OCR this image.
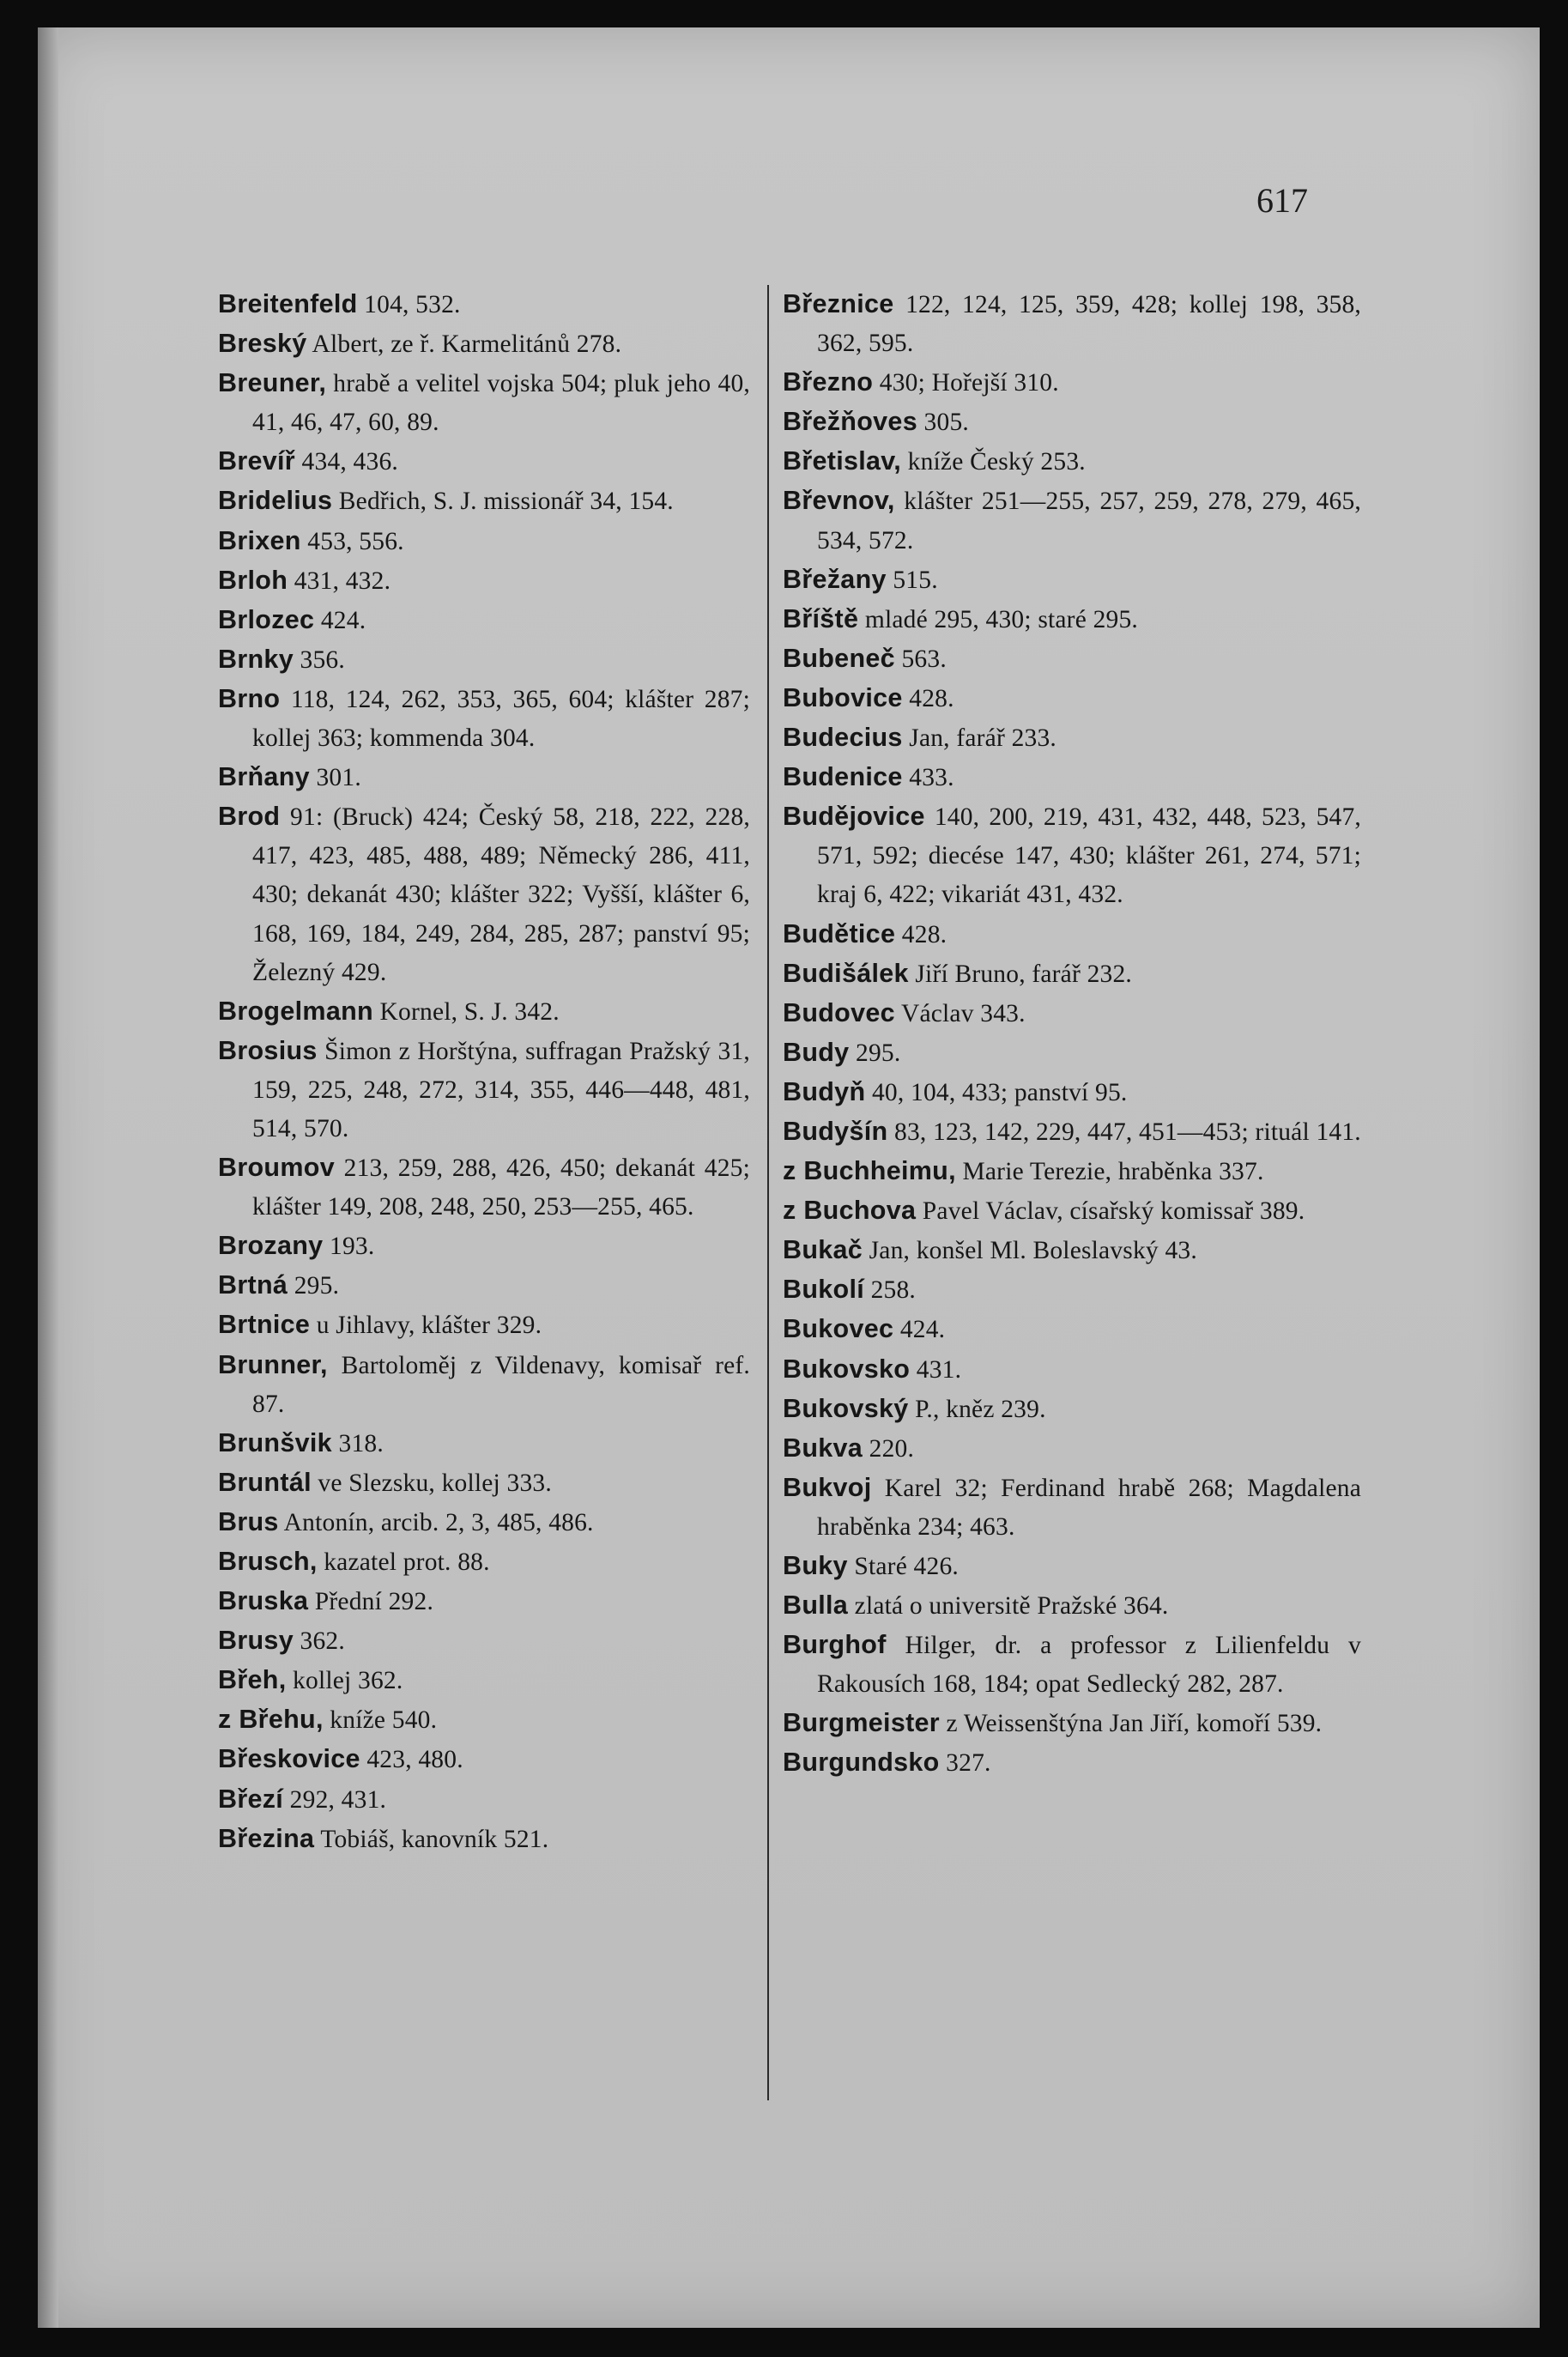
617

Breitenfeld 104, 532.

Breský Albert, ze ř. Karmelitánů 278.

Breuner, hrabě a velitel vojska 504; pluk jeho 40, 41, 46, 47, 60, 89.

Brevíř 434, 436.

Bridelius Bedřich, S. J. missionář 34, 154.

Brixen 453, 556.

Brloh 431, 432.

Brlozec 424.

Brnky 356.

Brno 118, 124, 262, 353, 365, 604; klášter 287; kollej 363; kommenda 304.

Brňany 301.

Brod 91: (Bruck) 424; Český 58, 218, 222, 228, 417, 423, 485, 488, 489; Německý 286, 411, 430; dekanát 430; klášter 322; Vyšší, klášter 6, 168, 169, 184, 249, 284, 285, 287; panství 95; Železný 429.

Brogelmann Kornel, S. J. 342.

Brosius Šimon z Horštýna, suffragan Pražský 31, 159, 225, 248, 272, 314, 355, 446—448, 481, 514, 570.

Broumov 213, 259, 288, 426, 450; dekanát 425; klášter 149, 208, 248, 250, 253—255, 465.

Brozany 193.

Brtná 295.

Brtnice u Jihlavy, klášter 329.

Brunner, Bartoloměj z Vildenavy, komisař ref. 87.

Brunšvik 318.

Bruntál ve Slezsku, kollej 333.

Brus Antonín, arcib. 2, 3, 485, 486.

Brusch, kazatel prot. 88.

Bruska Přední 292.

Brusy 362.

Břeh, kollej 362.

z Břehu, kníže 540.

Břeskovice 423, 480.

Březí 292, 431.

Březina Tobiáš, kanovník 521.

Březnice 122, 124, 125, 359, 428; kollej 198, 358, 362, 595.

Březno 430; Hořejší 310.

Břežňoves 305.

Břetislav, kníže Český 253.

Břevnov, klášter 251—255, 257, 259, 278, 279, 465, 534, 572.

Břežany 515.

Bříště mladé 295, 430; staré 295.

Bubeneč 563.

Bubovice 428.

Budecius Jan, farář 233.

Budenice 433.

Budějovice 140, 200, 219, 431, 432, 448, 523, 547, 571, 592; diecése 147, 430; klášter 261, 274, 571; kraj 6, 422; vikariát 431, 432.

Budětice 428.

Budišálek Jiří Bruno, farář 232.

Budovec Václav 343.

Budy 295.

Budyň 40, 104, 433; panství 95.

Budyšín 83, 123, 142, 229, 447, 451—453; rituál 141.

z Buchheimu, Marie Terezie, hraběnka 337.

z Buchova Pavel Václav, císařský komissař 389.

Bukač Jan, konšel Ml. Boleslavský 43.

Bukolí 258.

Bukovec 424.

Bukovsko 431.

Bukovský P., kněz 239.

Bukva 220.

Bukvoj Karel 32; Ferdinand hrabě 268; Magdalena hraběnka 234; 463.

Buky Staré 426.

Bulla zlatá o universitě Pražské 364.

Burghof Hilger, dr. a professor z Lilienfeldu v Rakousích 168, 184; opat Sedlecký 282, 287.

Burgmeister z Weissenštýna Jan Jiří, komoří 539.

Burgundsko 327.
